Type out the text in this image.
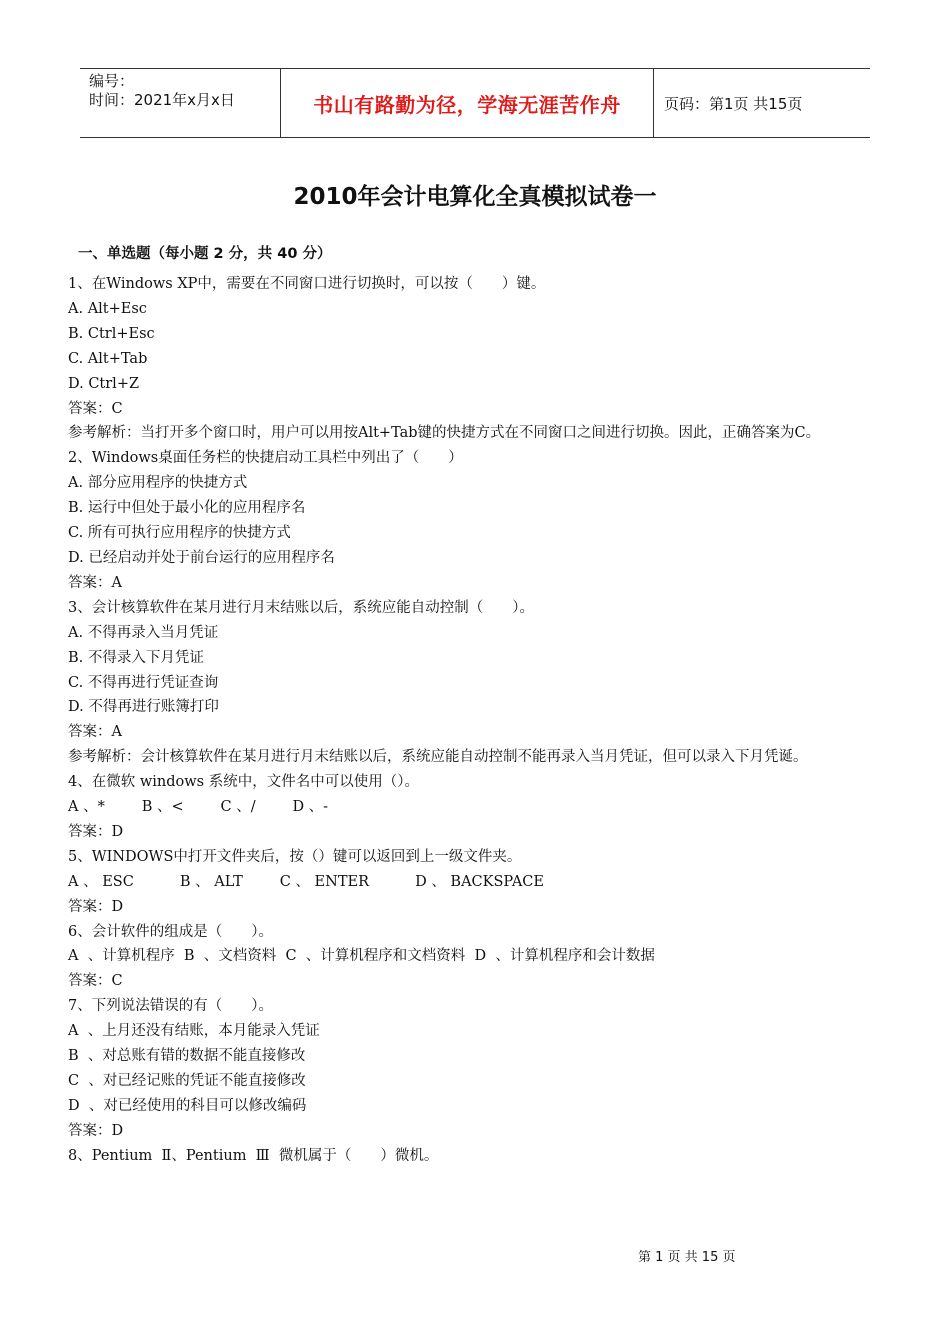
编号：
时间：2021年x月x日	书山有路勤为径，学海无涯苦作舟	页码：第1页 共15页
2010年会计电算化全真模拟试卷一
一、单选题（每小题 2 分，共 40 分）
1、在Windows XP中，需要在不同窗口进行切换时，可以按（　　）键。
A. Alt+Esc
B. Ctrl+Esc
C. Alt+Tab
D. Ctrl+Z
答案：C
参考解析：当打开多个窗口时，用户可以用按Alt+Tab键的快捷方式在不同窗口之间进行切换。因此，正确答案为C。
2、Windows桌面任务栏的快捷启动工具栏中列出了（　　）
A. 部分应用程序的快捷方式
B. 运行中但处于最小化的应用程序名
C. 所有可执行应用程序的快捷方式
D. 已经启动并处于前台运行的应用程序名
答案：A
3、会计核算软件在某月进行月末结账以后，系统应能自动控制（　　）。
A. 不得再录入当月凭证
B. 不得录入下月凭证
C. 不得再进行凭证查询
D. 不得再进行账簿打印
答案：A
参考解析：会计核算软件在某月进行月末结账以后，系统应能自动控制不能再录入当月凭证，但可以录入下月凭诞。
4、在微软 windows 系统中，文件名中可以使用（）。
A 、*        B 、<        C 、/        D 、-
答案：D
5、WINDOWS中打开文件夹后，按（）键可以返回到上一级文件夹。
A 、 ESC          B 、 ALT        C 、 ENTER          D 、 BACKSPACE
答案：D
6、会计软件的组成是（　　）。
A  、计算机程序  B  、文档资料  C  、计算机程序和文档资料  D  、计算机程序和会计数据
答案：C
7、下列说法错误的有（　　）。
A  、上月还没有结账，本月能录入凭证
B  、对总账有错的数据不能直接修改
C  、对已经记账的凭证不能直接修改
D  、对已经使用的科目可以修改编码
答案：D
8、Pentium  Ⅱ、Pentium  Ⅲ  微机属于（　　）微机。
第 1 页 共 15 页
